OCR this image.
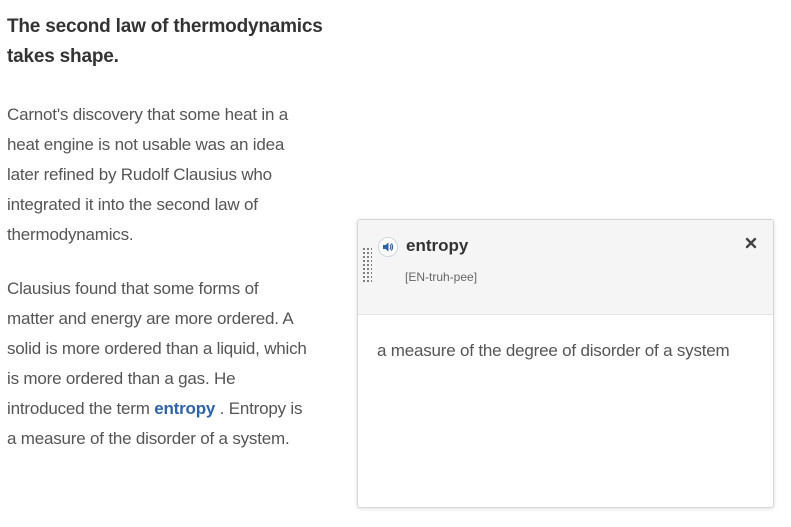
The second law of thermodynamics
takes shape.

Carnot's discovery that some heat in a
heat engine is not usable was an idea
later refined by Rudolf Clausius who
integrated it into the second law of
thermodynamics.

Clausius found that some forms of
matter and energy are more ordered. A
solid is more ordered than a liquid, which
is more ordered than a gas. He
introduced the term entropy . Entropy is
a measure of the disorder of a system.

entropy
[EN-truh-pee]

a measure of the degree of disorder of a system
